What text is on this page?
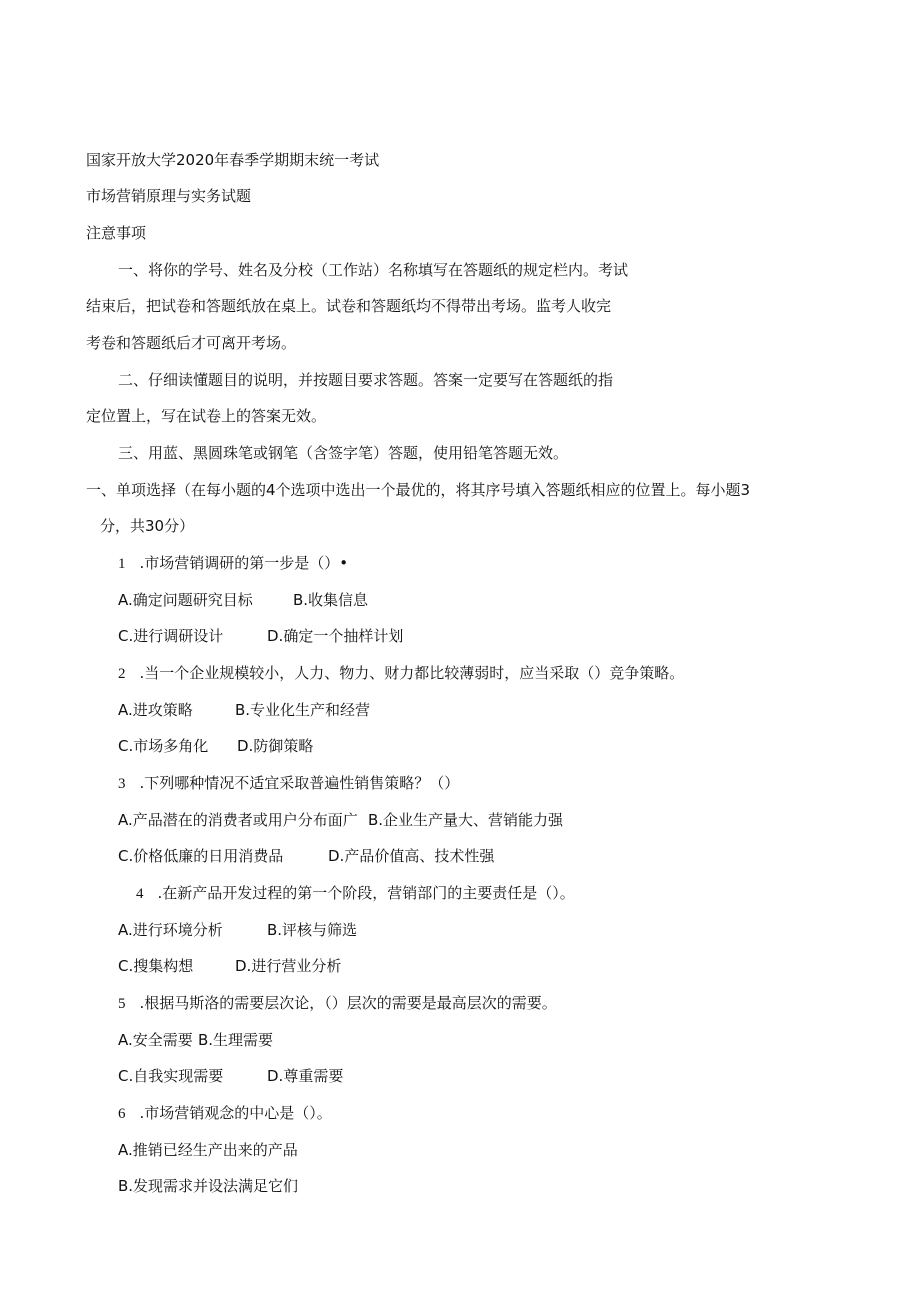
国家开放大学2020年春季学期期末统一考试
市场营销原理与实务试题
注意事项
一、将你的学号、姓名及分校（工作站）名称填写在答题纸的规定栏内。考试
结束后，把试卷和答题纸放在桌上。试卷和答题纸均不得带出考场。监考人收完
考卷和答题纸后才可离开考场。
二、仔细读懂题目的说明，并按题目要求答题。答案一定要写在答题纸的指
定位置上，写在试卷上的答案无效。
三、用蓝、黑圆珠笔或钢笔（含签字笔）答题，使用铅笔答题无效。
一、单项选择（在每小题的4个选项中选出一个最优的，将其序号填入答题纸相应的位置上。每小题3
分，共30分）
1 .市场营销调研的第一步是（）•
A.确定问题研究目标	B.收集信息
C.进行调研设计	D.确定一个抽样计划
2 .当一个企业规模较小，人力、物力、财力都比较薄弱时，应当采取（）竞争策略。
A.进攻策略	B.专业化生产和经营
C.市场多角化 D.防御策略
3 .下列哪种情况不适宜采取普遍性销售策略？（）
A.产品潜在的消费者或用户分布面广 B.企业生产量大、营销能力强
C.价格低廉的日用消费品	D.产品价值高、技术性强
4 .在新产品开发过程的第一个阶段，营销部门的主要责任是（）。
A.进行环境分析	B.评核与筛选
C.搜集构想	D.进行营业分析
5 .根据马斯洛的需要层次论，（）层次的需要是最高层次的需要。
A.安全需要 B.生理需要
C.自我实现需要	D.尊重需要
6 .市场营销观念的中心是（）。
A.推销已经生产出来的产品
B.发现需求并设法满足它们
